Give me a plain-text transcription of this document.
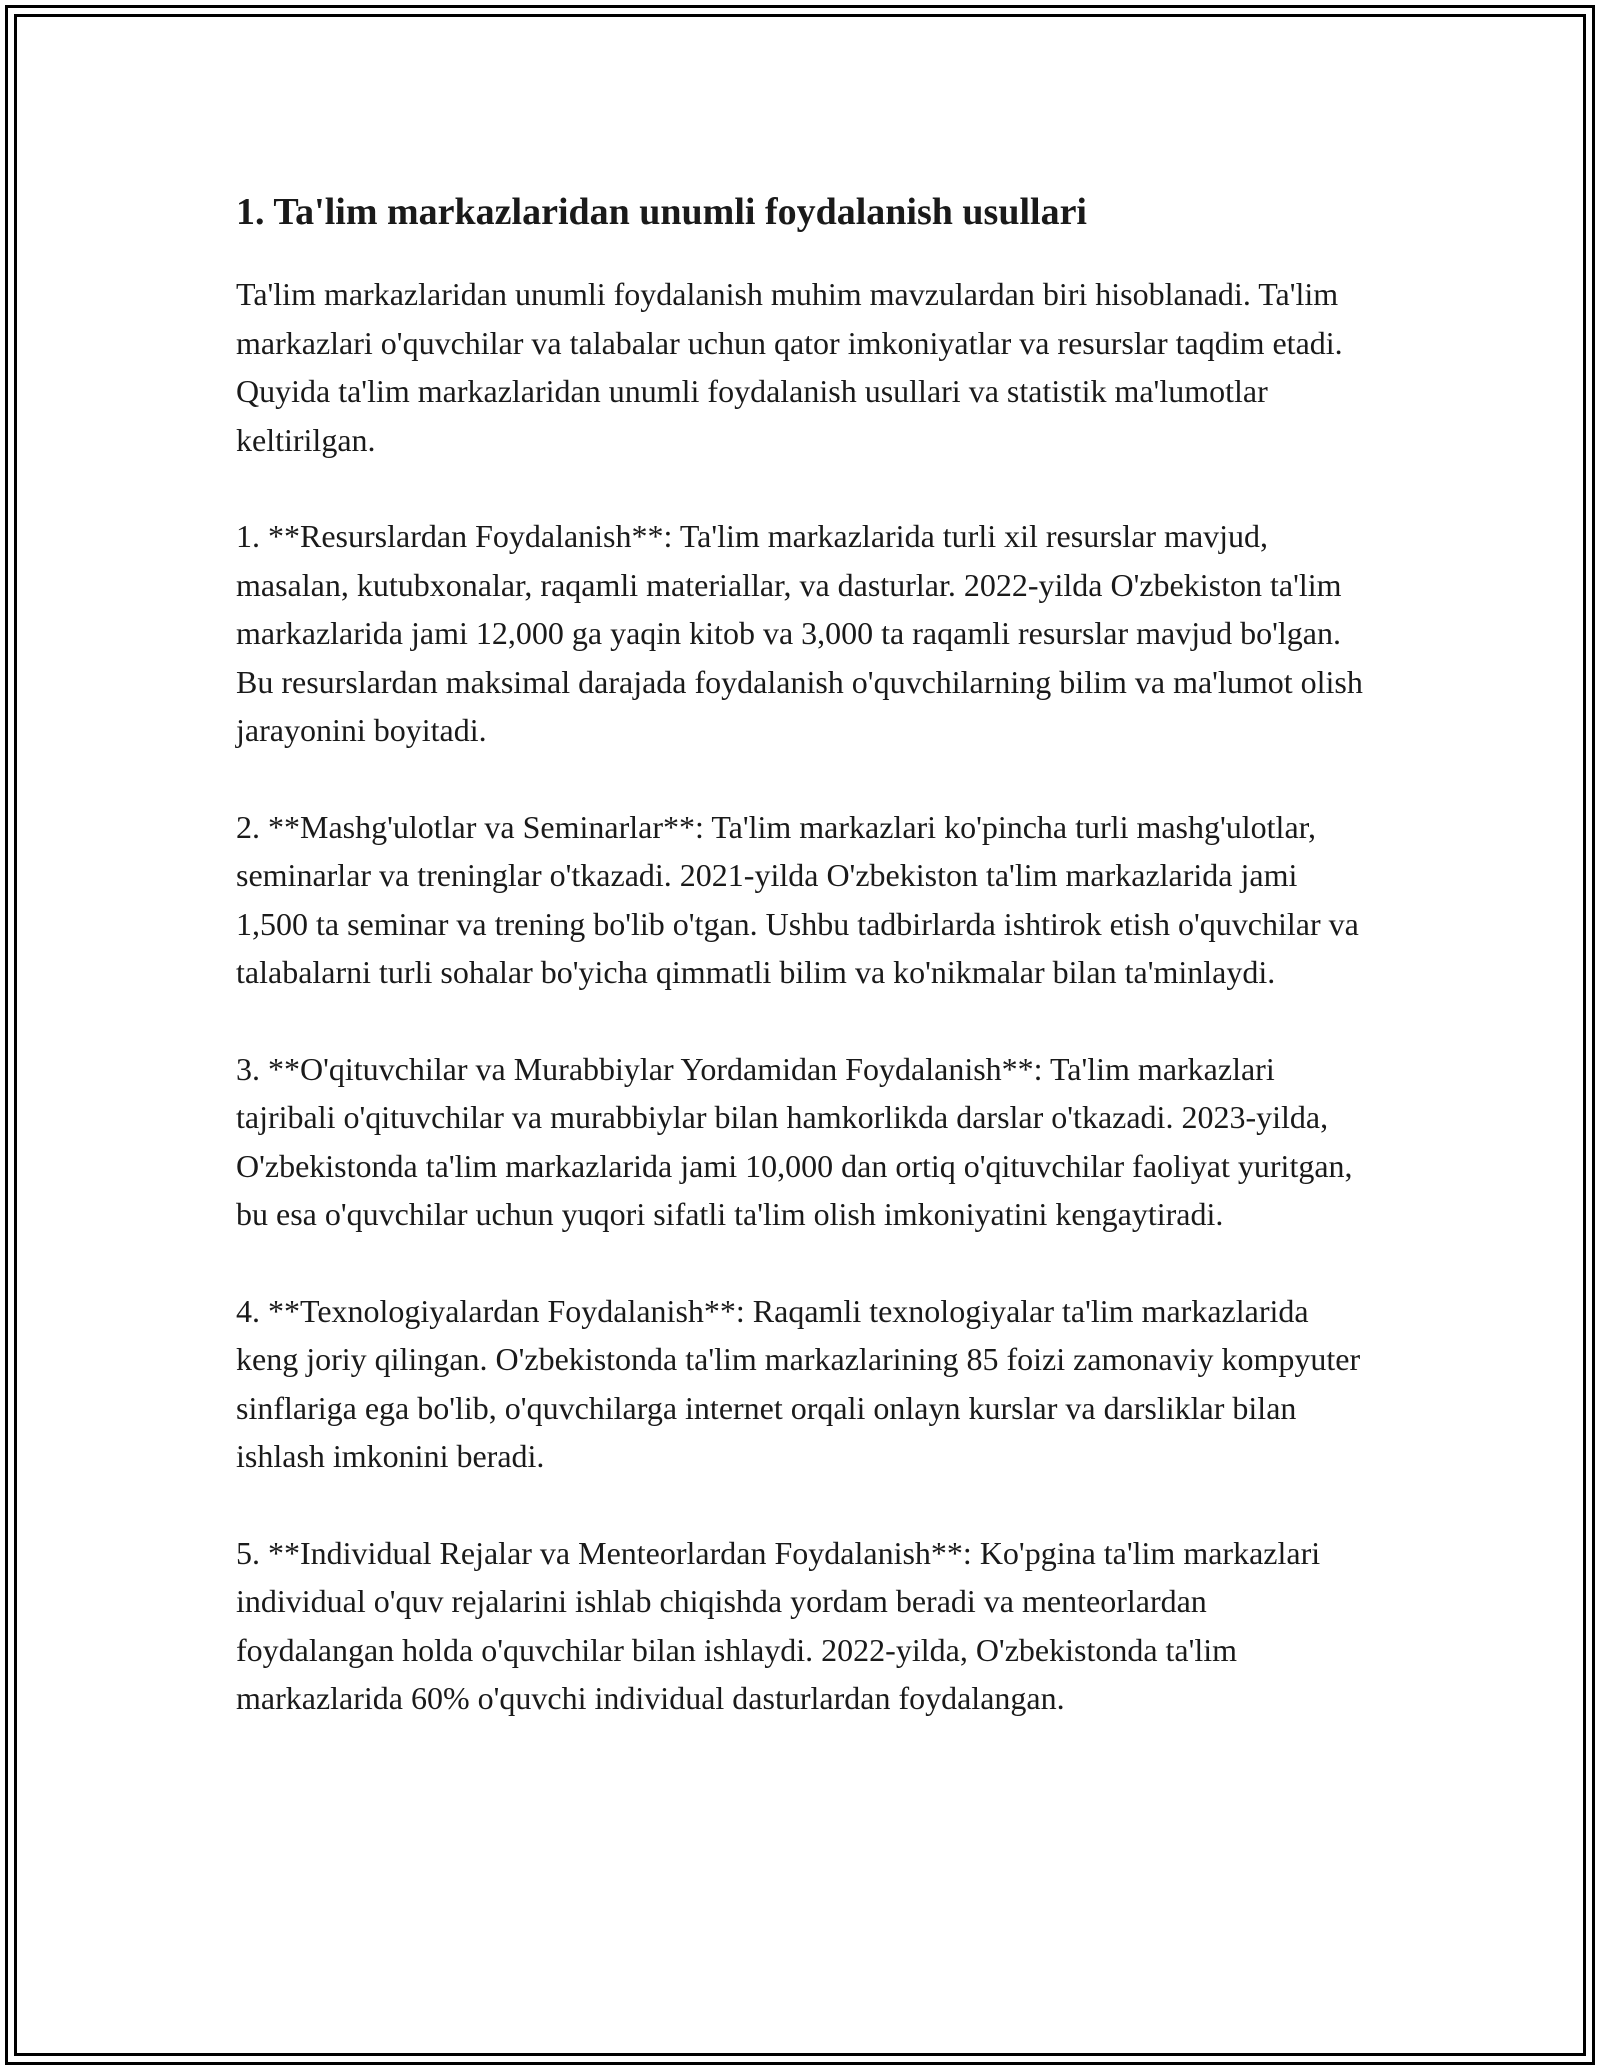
1. Ta'lim markazlaridan unumli foydalanish usullari

Ta'lim markazlaridan unumli foydalanish muhim mavzulardan biri hisoblanadi. Ta'lim markazlari o'quvchilar va talabalar uchun qator imkoniyatlar va resurslar taqdim etadi. Quyida ta'lim markazlaridan unumli foydalanish usullari va statistik ma'lumotlar keltirilgan.

1. **Resurslardan Foydalanish**: Ta'lim markazlarida turli xil resurslar mavjud, masalan, kutubxonalar, raqamli materiallar, va dasturlar. 2022-yilda O'zbekiston ta'lim markazlarida jami 12,000 ga yaqin kitob va 3,000 ta raqamli resurslar mavjud bo'lgan. Bu resurslardan maksimal darajada foydalanish o'quvchilarning bilim va ma'lumot olish jarayonini boyitadi.

2. **Mashg'ulotlar va Seminarlar**: Ta'lim markazlari ko'pincha turli mashg'ulotlar, seminarlar va treninglar o'tkazadi. 2021-yilda O'zbekiston ta'lim markazlarida jami 1,500 ta seminar va trening bo'lib o'tgan. Ushbu tadbirlarda ishtirok etish o'quvchilar va talabalarni turli sohalar bo'yicha qimmatli bilim va ko'nikmalar bilan ta'minlaydi.

3. **O'qituvchilar va Murabbiylar Yordamidan Foydalanish**: Ta'lim markazlari tajribali o'qituvchilar va murabbiylar bilan hamkorlikda darslar o'tkazadi. 2023-yilda, O'zbekistonda ta'lim markazlarida jami 10,000 dan ortiq o'qituvchilar faoliyat yuritgan, bu esa o'quvchilar uchun yuqori sifatli ta'lim olish imkoniyatini kengaytiradi.

4. **Texnologiyalardan Foydalanish**: Raqamli texnologiyalar ta'lim markazlarida keng joriy qilingan. O'zbekistonda ta'lim markazlarining 85 foizi zamonaviy kompyuter sinflariga ega bo'lib, o'quvchilarga internet orqali onlayn kurslar va darsliklar bilan ishlash imkonini beradi.

5. **Individual Rejalar va Menteorlardan Foydalanish**: Ko'pgina ta'lim markazlari individual o'quv rejalarini ishlab chiqishda yordam beradi va menteorlardan foydalangan holda o'quvchilar bilan ishlaydi. 2022-yilda, O'zbekistonda ta'lim markazlarida 60% o'quvchi individual dasturlardan foydalangan.
